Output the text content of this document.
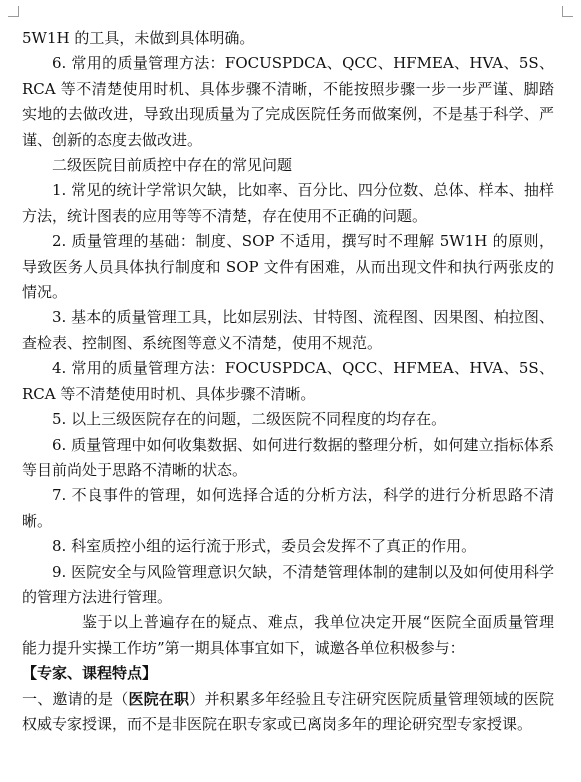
5W1H 的工具，未做到具体明确。

6. 常用的质量管理方法：FOCUSPDCA、QCC、HFMEA、HVA、5S、RCA 等不清楚使用时机、具体步骤不清晰，不能按照步骤一步一步严谨、脚踏实地的去做改进，导致出现质量为了完成医院任务而做案例，不是基于科学、严谨、创新的态度去做改进。

二级医院目前质控中存在的常见问题

1. 常见的统计学常识欠缺，比如率、百分比、四分位数、总体、样本、抽样方法，统计图表的应用等等不清楚，存在使用不正确的问题。

2. 质量管理的基础：制度、SOP 不适用，撰写时不理解 5W1H 的原则，导致医务人员具体执行制度和 SOP 文件有困难，从而出现文件和执行两张皮的情况。

3. 基本的质量管理工具，比如层别法、甘特图、流程图、因果图、柏拉图、查检表、控制图、系统图等意义不清楚，使用不规范。

4. 常用的质量管理方法：FOCUSPDCA、QCC、HFMEA、HVA、5S、RCA 等不清楚使用时机、具体步骤不清晰。

5. 以上三级医院存在的问题，二级医院不同程度的均存在。

6. 质量管理中如何收集数据、如何进行数据的整理分析，如何建立指标体系等目前尚处于思路不清晰的状态。

7. 不良事件的管理，如何选择合适的分析方法，科学的进行分析思路不清晰。

8. 科室质控小组的运行流于形式，委员会发挥不了真正的作用。

9. 医院安全与风险管理意识欠缺，不清楚管理体制的建制以及如何使用科学的管理方法进行管理。

鉴于以上普遍存在的疑点、难点，我单位决定开展“医院全面质量管理能力提升实操工作坊”第一期具体事宜如下，诚邀各单位积极参与：

【专家、课程特点】

一、邀请的是（医院在职）并积累多年经验且专注研究医院质量管理领域的医院权威专家授课，而不是非医院在职专家或已离岗多年的理论研究型专家授课。
